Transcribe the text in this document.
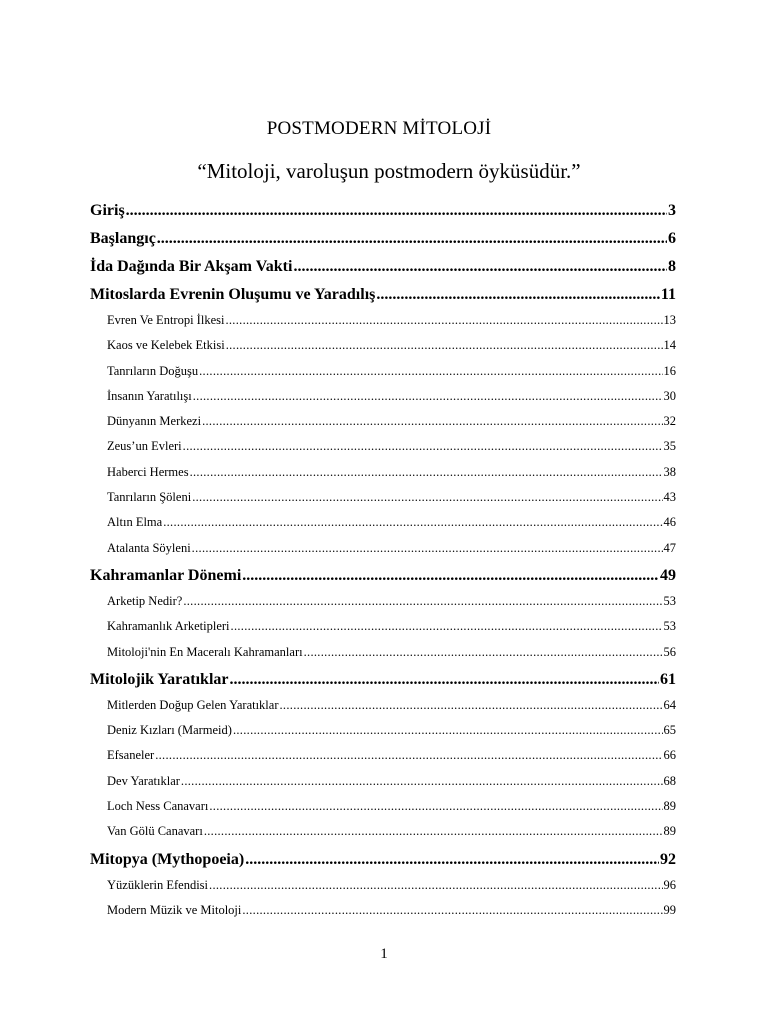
POSTMODERN MİTOLOJİ
“Mitoloji, varoluşun postmodern öyküsüdür.”
Giriş .....	3
Başlangıç .....	6
İda Dağında Bir Akşam Vakti .....	8
Mitoslarda Evrenin Oluşumu ve Yaradılış .....	11
Evren Ve Entropi İlkesi .....	13
Kaos ve Kelebek Etkisi .....	14
Tanrıların Doğuşu .....	16
İnsanın Yaratılışı .....	30
Dünyanın Merkezi .....	32
Zeus’un Evleri .....	35
Haberci Hermes .....	38
Tanrıların Şöleni .....	43
Altın Elma .....	46
Atalanta Söyleni .....	47
Kahramanlar Dönemi .....	49
Arketip Nedir? .....	53
Kahramanlık Arketipleri .....	53
Mitoloji'nin En Maceralı Kahramanları .....	56
Mitolojik Yaratıklar .....	61
Mitlerden Doğup Gelen Yaratıklar .....	64
Deniz Kızları (Marmeid) .....	65
Efsaneler .....	66
Dev Yaratıklar .....	68
Loch Ness Canavarı .....	89
Van Gölü Canavarı .....	89
Mitopya (Mythopoeia) .....	92
Yüzüklerin Efendisi .....	96
Modern Müzik ve Mitoloji .....	99
1
